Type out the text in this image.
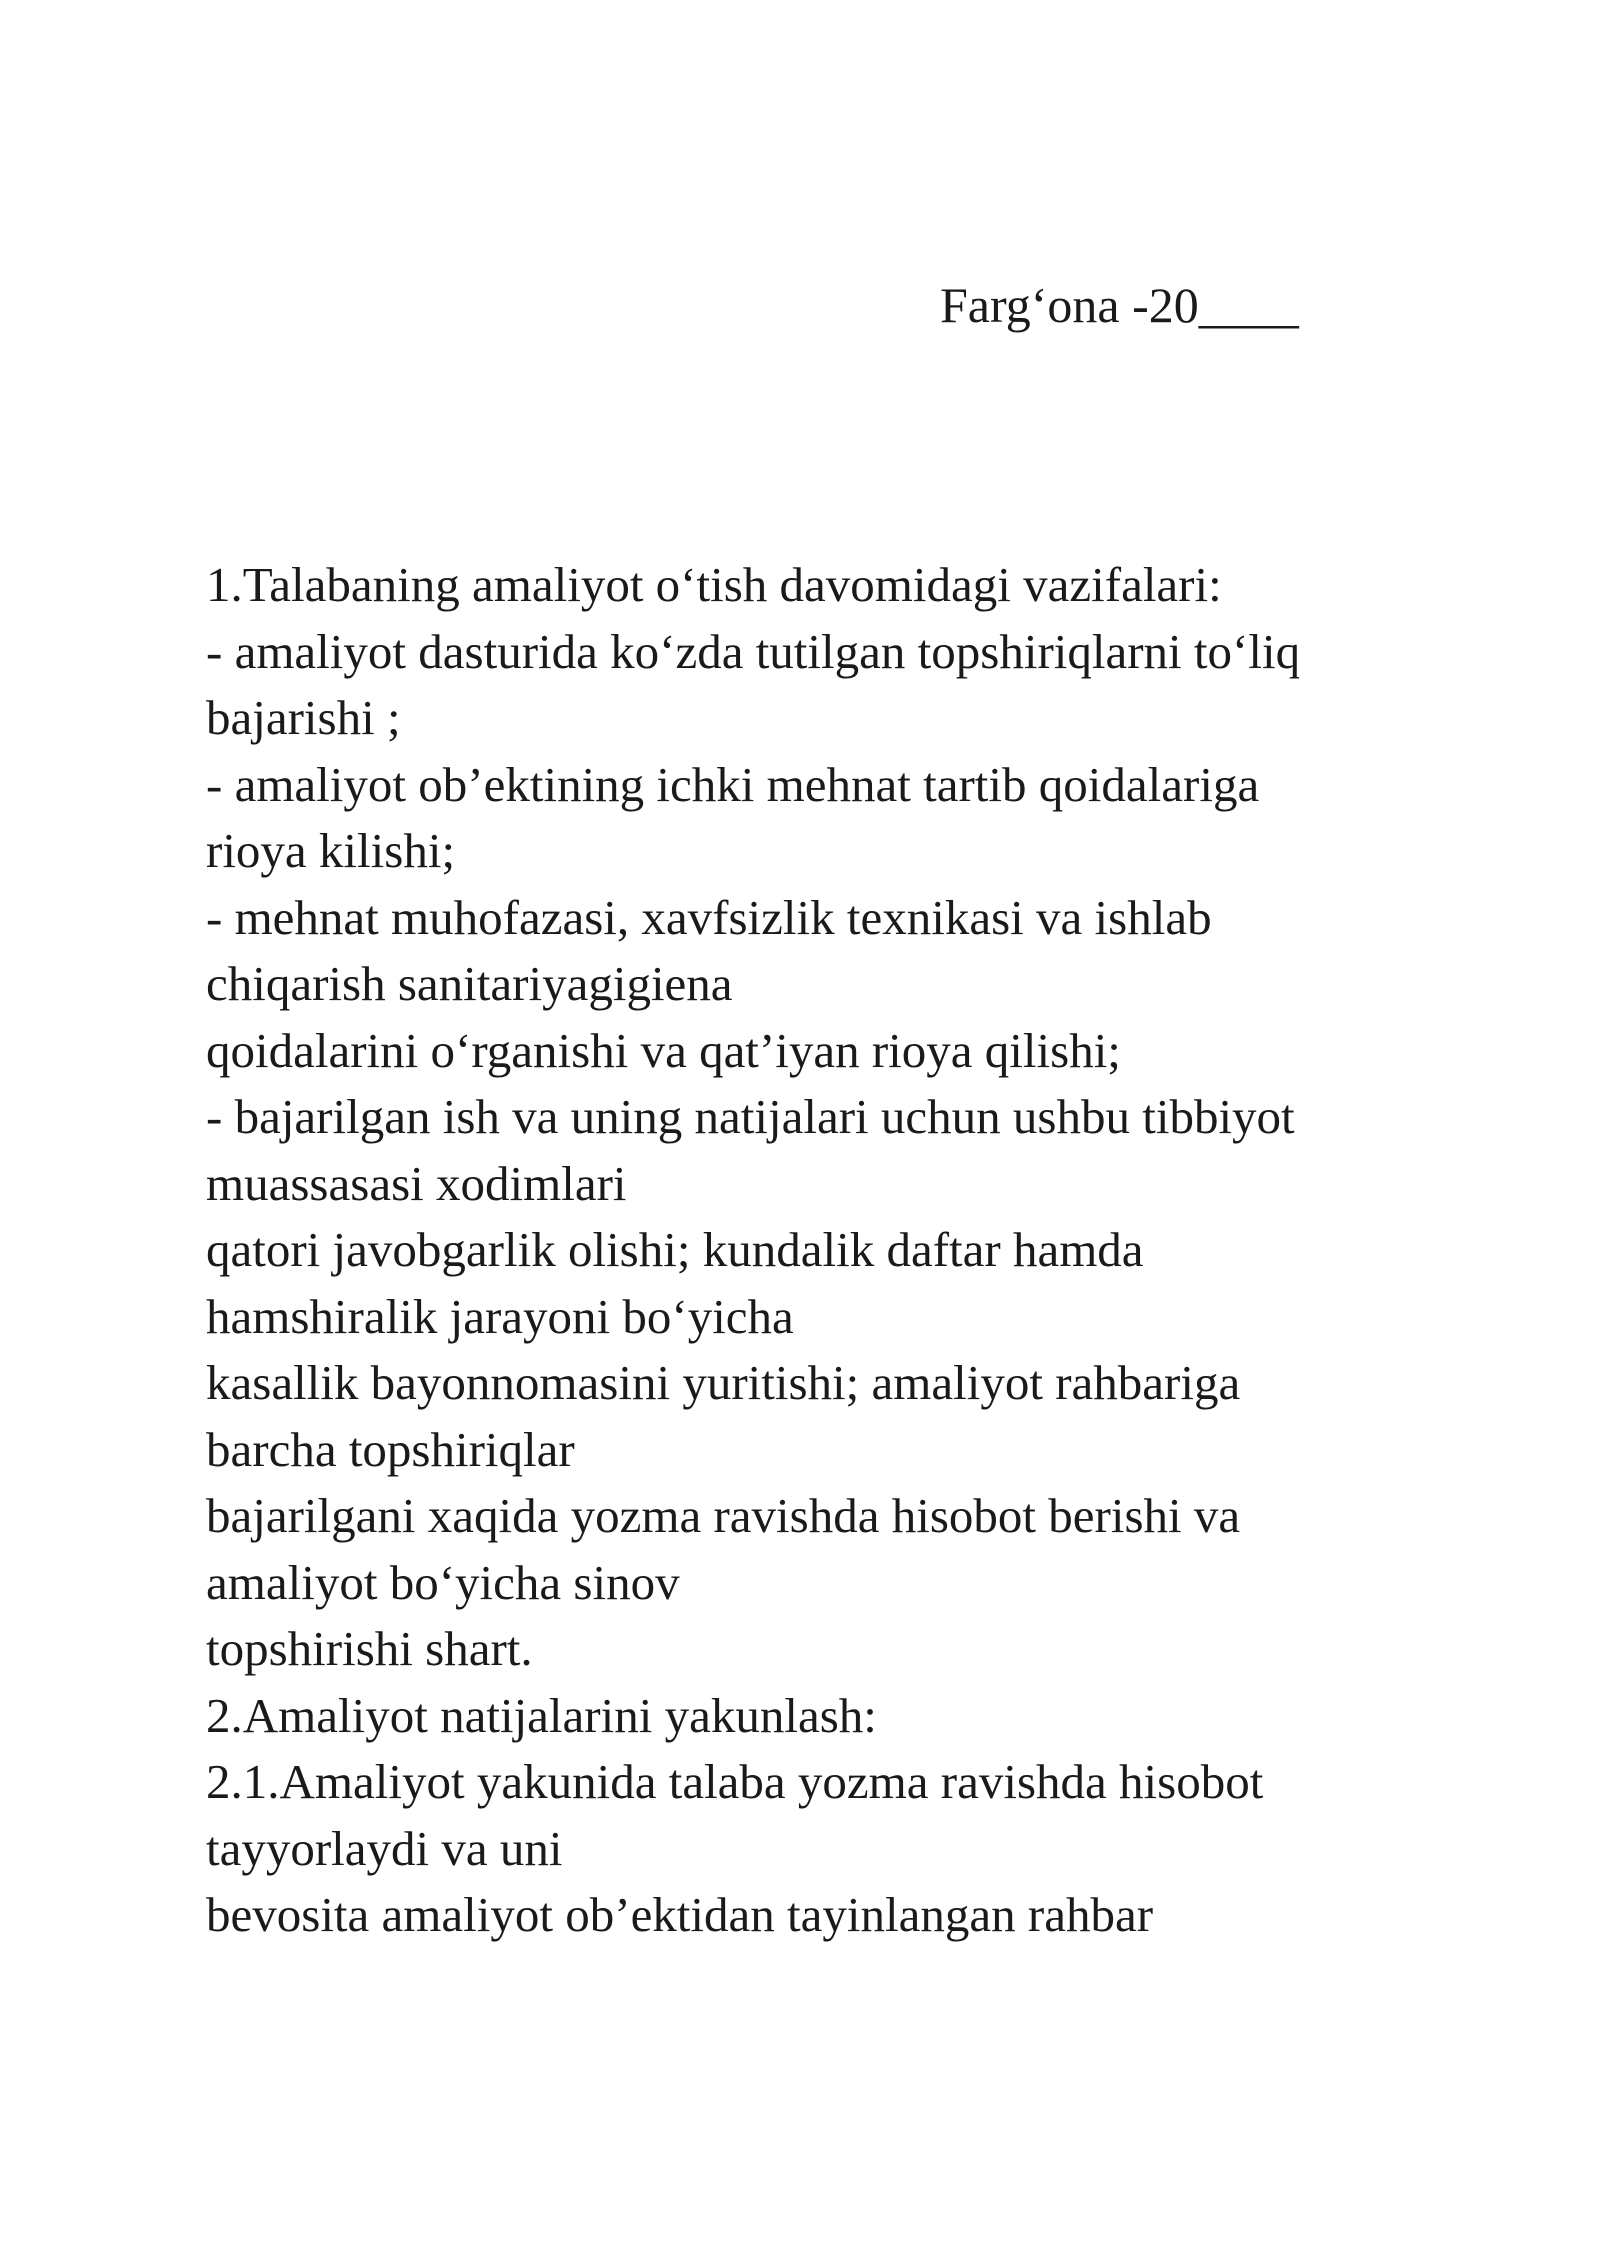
Farg‘ona -20____
1.Talabaning amaliyot o‘tish davomidagi vazifalari:
- amaliyot dasturida ko‘zda tutilgan topshiriqlarni to‘liq
bajarishi ;
- amaliyot ob’ektining ichki mehnat tartib qoidalariga
rioya kilishi;
- mehnat muhofazasi, xavfsizlik texnikasi va ishlab
chiqarish sanitariyagigiena
qoidalarini o‘rganishi va qat’iyan rioya qilishi;
- bajarilgan ish va uning natijalari uchun ushbu tibbiyot
muassasasi xodimlari
qatori javobgarlik olishi; kundalik daftar hamda
hamshiralik jarayoni bo‘yicha
kasallik bayonnomasini yuritishi; amaliyot rahbariga
barcha topshiriqlar
bajarilgani xaqida yozma ravishda hisobot berishi va
amaliyot bo‘yicha sinov
topshirishi shart.
2.Amaliyot natijalarini yakunlash:
2.1.Amaliyot yakunida talaba yozma ravishda hisobot
tayyorlaydi va uni
bevosita amaliyot ob’ektidan tayinlangan rahbar
